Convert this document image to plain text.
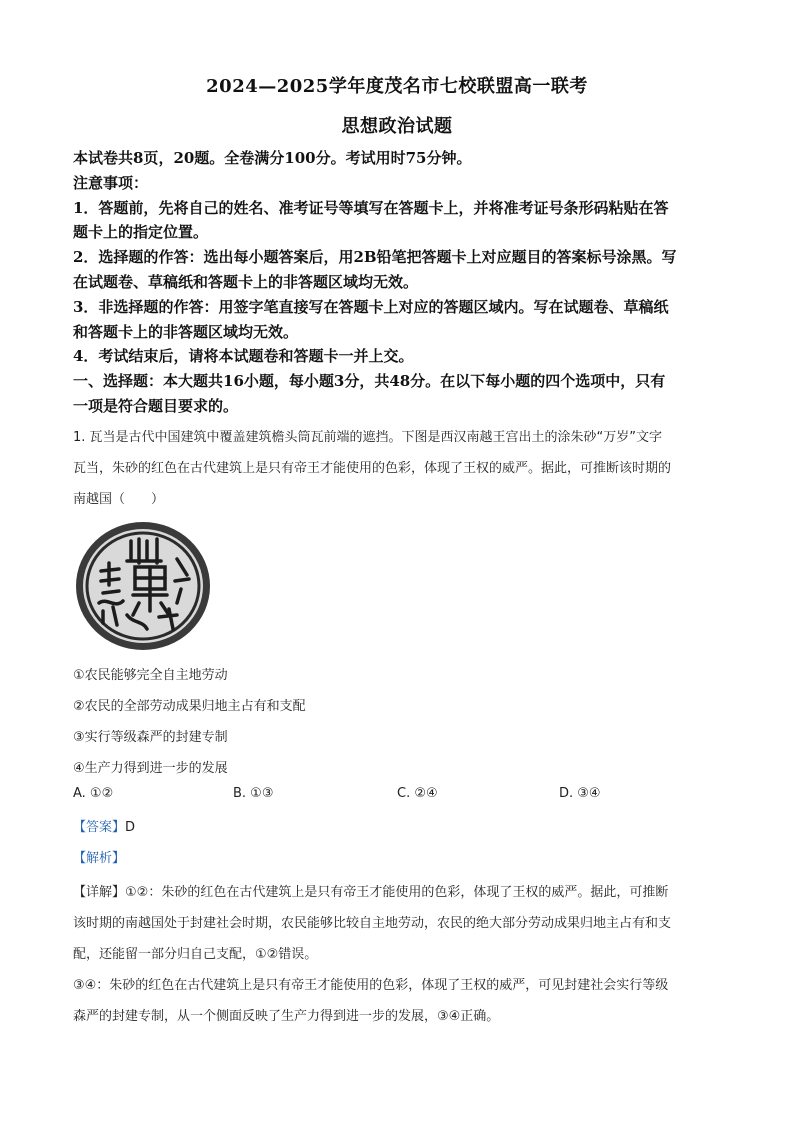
2024—2025学年度茂名市七校联盟高一联考
思想政治试题

本试卷共8页，20题。全卷满分100分。考试用时75分钟。

注意事项：

1．答题前，先将自己的姓名、准考证号等填写在答题卡上，并将准考证号条形码粘贴在答

题卡上的指定位置。

2．选择题的作答：选出每小题答案后，用2B铅笔把答题卡上对应题目的答案标号涂黑。写

在试题卷、草稿纸和答题卡上的非答题区域均无效。

3．非选择题的作答：用签字笔直接写在答题卡上对应的答题区域内。写在试题卷、草稿纸

和答题卡上的非答题区域均无效。

4．考试结束后，请将本试题卷和答题卡一并上交。

一、选择题：本大题共16小题，每小题3分，共48分。在以下每小题的四个选项中，只有

一项是符合题目要求的。

1. 瓦当是古代中国建筑中覆盖建筑檐头筒瓦前端的遮挡。下图是西汉南越王宫出土的涂朱砂“万岁”文字

瓦当，朱砂的红色在古代建筑上是只有帝王才能使用的色彩，体现了王权的威严。据此，可推断该时期的

南越国（　　）

①农民能够完全自主地劳动

②农民的全部劳动成果归地主占有和支配

③实行等级森严的封建专制

④生产力得到进一步的发展

A. ①②	B. ①③	C. ②④	D. ③④
【答案】D
【解析】

【详解】①②：朱砂的红色在古代建筑上是只有帝王才能使用的色彩，体现了王权的威严。据此，可推断

该时期的南越国处于封建社会时期，农民能够比较自主地劳动，农民的绝大部分劳动成果归地主占有和支

配，还能留一部分归自己支配，①②错误。

③④：朱砂的红色在古代建筑上是只有帝王才能使用的色彩，体现了王权的威严，可见封建社会实行等级

森严的封建专制，从一个侧面反映了生产力得到进一步的发展，③④正确。
